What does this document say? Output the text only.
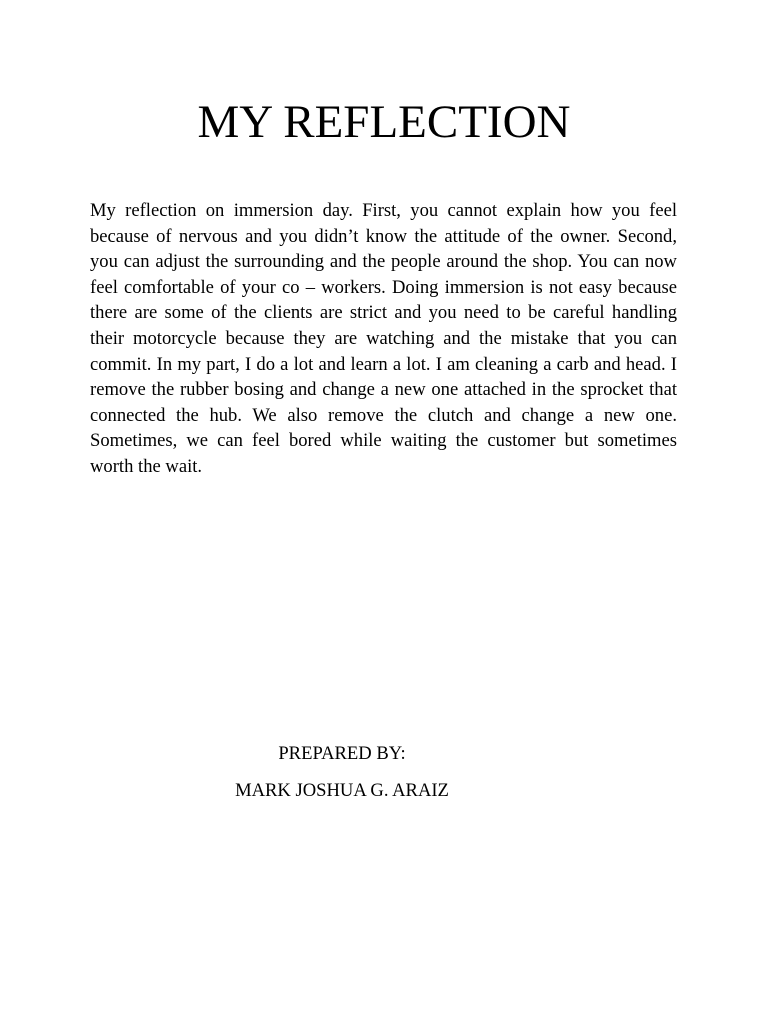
MY REFLECTION

My reflection on immersion day. First, you cannot explain how you feel because of nervous and you didn’t know the attitude of the owner. Second, you can adjust the surrounding and the people around the shop. You can now feel comfortable of your co – workers. Doing immersion is not easy because there are some of the clients are strict and you need to be careful handling their motorcycle because they are watching and the mistake that you can commit. In my part, I do a lot and learn a lot. I am cleaning a carb and head. I remove the rubber bosing and change a new one attached in the sprocket that connected the hub. We also remove the clutch and change a new one. Sometimes, we can feel bored while waiting the customer but sometimes worth the wait.

PREPARED BY:

MARK JOSHUA G. ARAIZ
